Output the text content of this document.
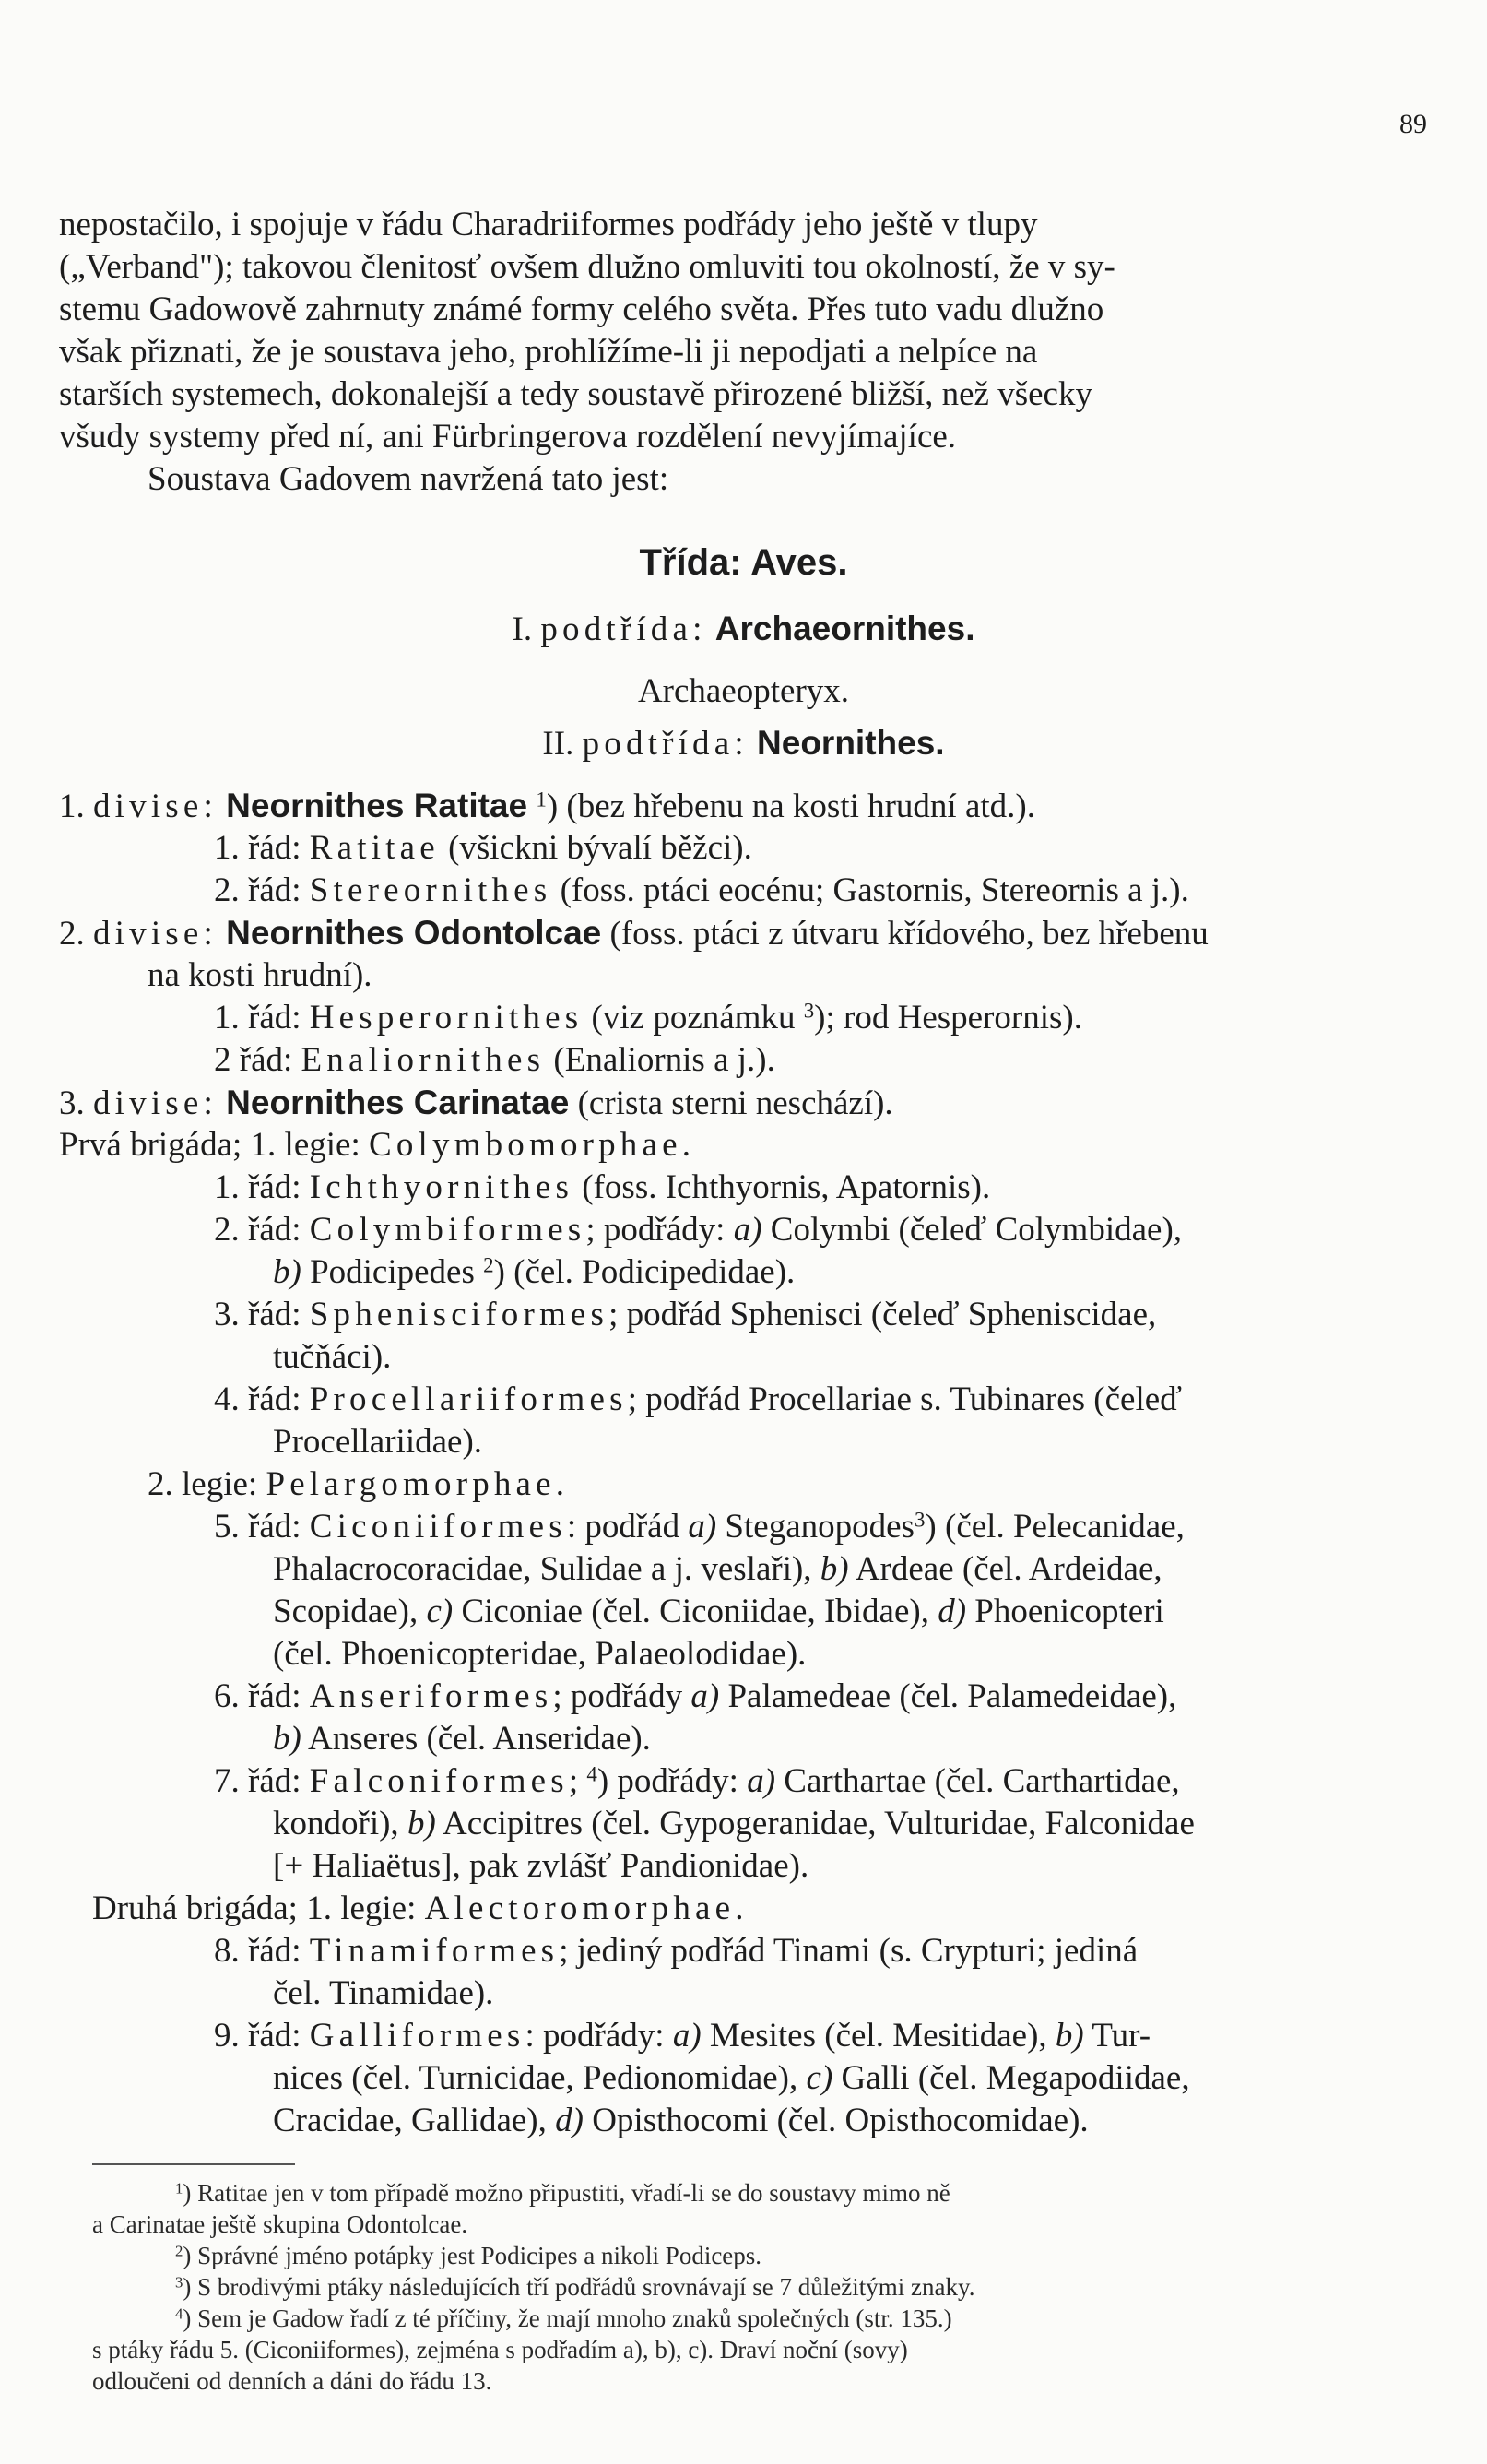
89
nepostačilo, i spojuje v řádu Charadriiformes podřády jeho ještě v tlupy
(„Verband"); takovou členitosť ovšem dlužno omluviti tou okolností, že v sy-
stemu Gadowově zahrnuty známé formy celého světa. Přes tuto vadu dlužno
však přiznati, že je soustava jeho, prohlížíme-li ji nepodjati a nelpíce na
starších systemech, dokonalejší a tedy soustavě přirozené bližší, než všecky
všudy systemy před ní, ani Fürbringerova rozdělení nevyjímajíce.
Soustava Gadovem navržená tato jest:
Třída: Aves.
I. podtřída: Archaeornithes.
Archaeopteryx.
II. podtřída: Neornithes.
1. divise: Neornithes Ratitae $^1$) (bez hřebenu na kosti hrudní atd.).
1. řád: Ratitae (všickni bývalí běžci).
2. řád: Stereornithes (foss. ptáci eocénu; Gastornis, Stereornis a j.).
2. divise: Neornithes Odontolcae (foss. ptáci z útvaru křídového, bez hřebenu
na kosti hrudní).
1. řád: Hesperornithes (viz poznámku $^3$); rod Hesperornis).
2 řád: Enaliornithes (Enaliornis a j.).
3. divise: Neornithes Carinatae (crista sterni neschází).
Prvá brigáda; 1. legie: Colymbomorphae.
1. řád: Ichthyornithes (foss. Ichthyornis, Apatornis).
2. řád: Colymbiformes; podřády: a) Colymbi (čeleď Colymbidae),
b) Podicipedes $^2$) (čel. Podicipedidae).
3. řád: Sphenisciformes; podřád Sphenisci (čeleď Spheniscidae,
tučňáci).
4. řád: Procellariiformes; podřád Procellariae s. Tubinares (čeleď
Procellariidae).
2. legie: Pelargomorphae.
5. řád: Ciconiiformes: podřád a) Steganopodes$^3$) (čel. Pelecanidae,
Phalacrocoracidae, Sulidae a j. veslaři), b) Ardeae (čel. Ardeidae,
Scopidae), c) Ciconiae (čel. Ciconiidae, Ibidae), d) Phoenicopteri
(čel. Phoenicopteridae, Palaeolodidae).
6. řád: Anseriformes; podřády a) Palamedeae (čel. Palamedeidae),
b) Anseres (čel. Anseridae).
7. řád: Falconiformes; $^4$) podřády: a) Carthartae (čel. Carthartidae,
kondoři), b) Accipitres (čel. Gypogeranidae, Vulturidae, Falconidae
[+ Haliaëtus], pak zvlášť Pandionidae).
Druhá brigáda; 1. legie: Alectoromorphae.
8. řád: Tinamiformes; jediný podřád Tinami (s. Crypturi; jediná
čel. Tinamidae).
9. řád: Galliformes: podřády: a) Mesites (čel. Mesitidae), b) Tur-
nices (čel. Turnicidae, Pedionomidae), c) Galli (čel. Megapodiidae,
Cracidae, Gallidae), d) Opisthocomi (čel. Opisthocomidae).
$^1$) Ratitae jen v tom případě možno připustiti, vřadí-li se do soustavy mimo ně
a Carinatae ještě skupina Odontolcae.
$^2$) Správné jméno potápky jest Podicipes a nikoli Podiceps.
$^3$) S brodivými ptáky následujících tří podřádů srovnávají se 7 důležitými znaky.
$^4$) Sem je Gadow řadí z té příčiny, že mají mnoho znaků společných (str. 135.)
s ptáky řádu 5. (Ciconiiformes), zejména s podřadím a), b), c). Draví noční (sovy)
odloučeni od denních a dáni do řádu 13.
